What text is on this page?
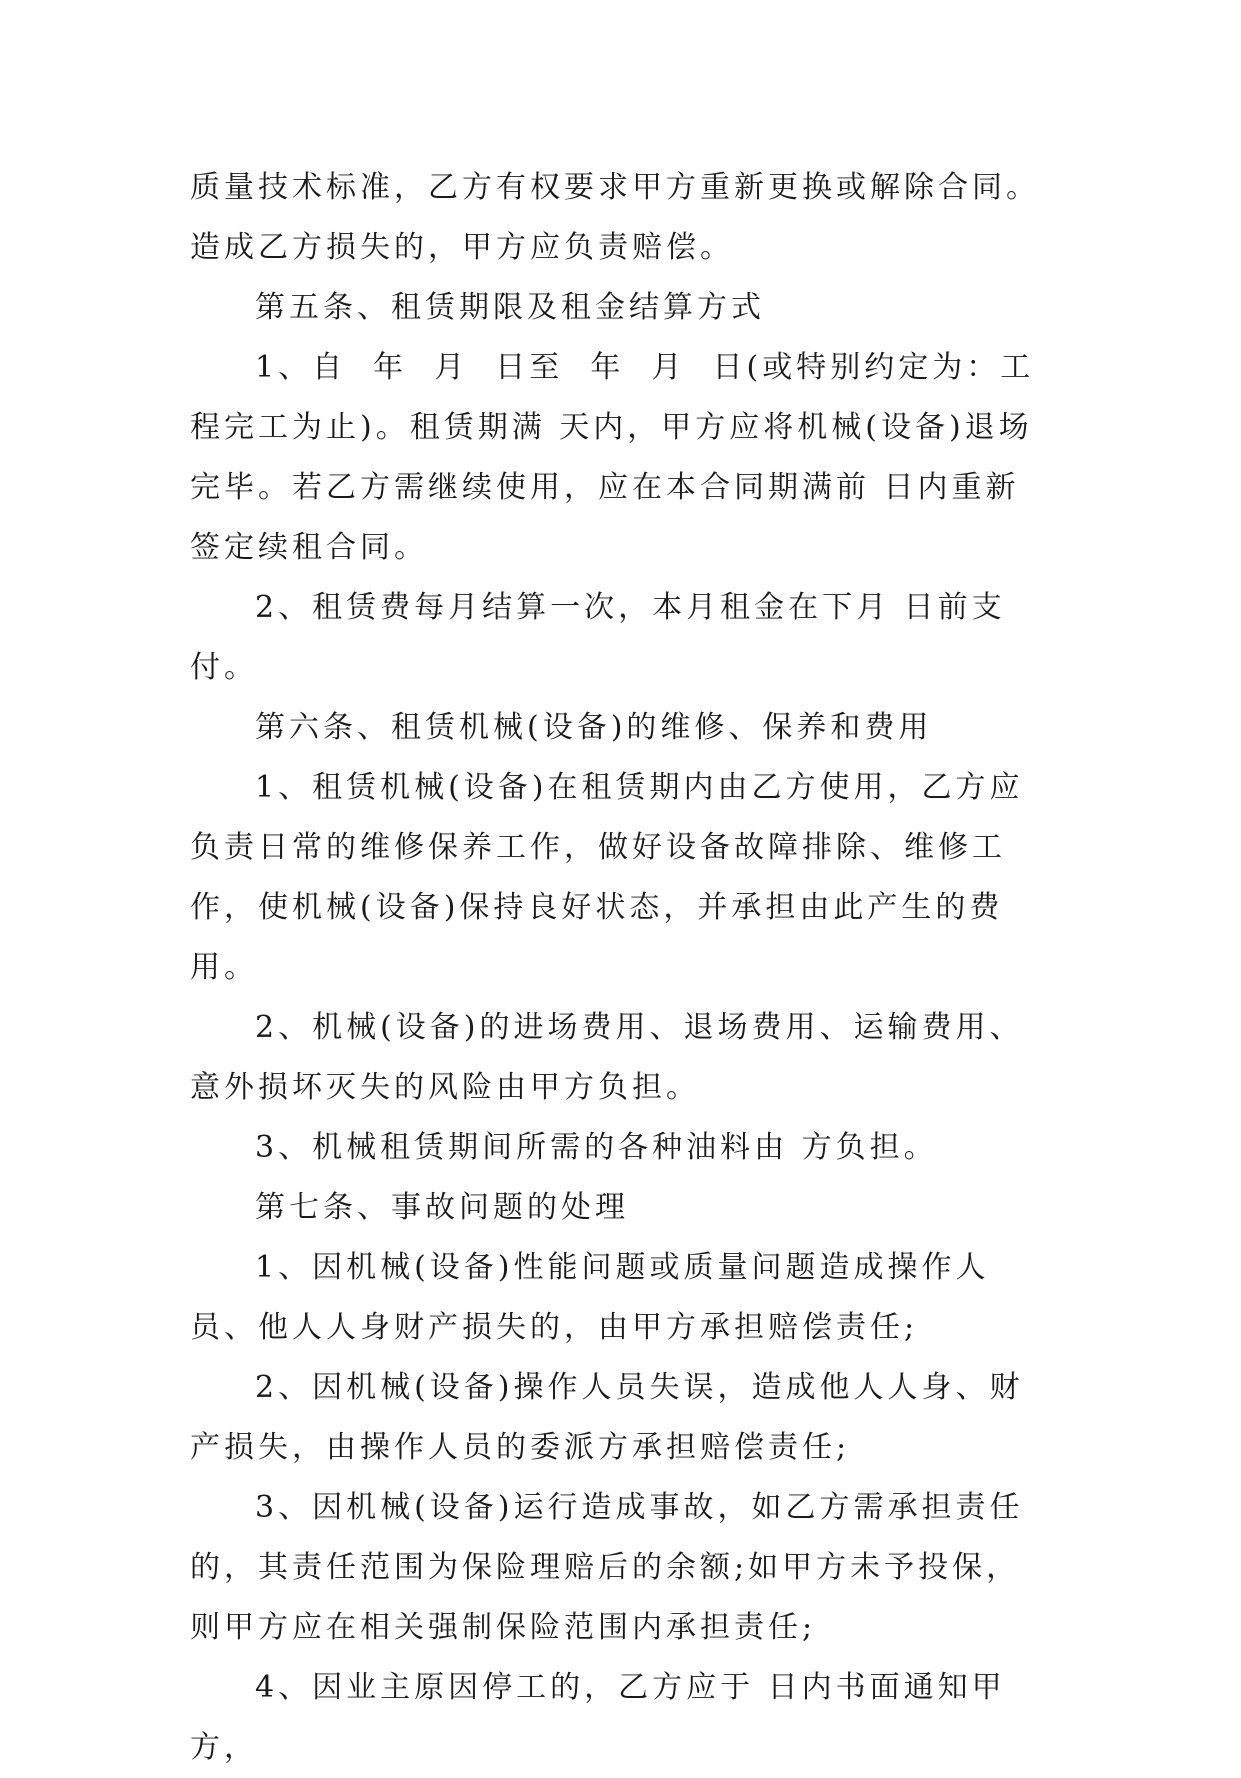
质量技术标准，乙方有权要求甲方重新更换或解除合同。造成乙方损失的，甲方应负责赔偿。

第五条、租赁期限及租金结算方式

1、自  年  月  日至  年  月  日(或特别约定为：工程完工为止)。租赁期满 天内，甲方应将机械(设备)退场完毕。若乙方需继续使用，应在本合同期满前 日内重新签定续租合同。

2、租赁费每月结算一次，本月租金在下月 日前支付。

第六条、租赁机械(设备)的维修、保养和费用

1、租赁机械(设备)在租赁期内由乙方使用，乙方应负责日常的维修保养工作，做好设备故障排除、维修工作，使机械(设备)保持良好状态，并承担由此产生的费用。

2、机械(设备)的进场费用、退场费用、运输费用、意外损坏灭失的风险由甲方负担。

3、机械租赁期间所需的各种油料由 方负担。

第七条、事故问题的处理

1、因机械(设备)性能问题或质量问题造成操作人员、他人人身财产损失的，由甲方承担赔偿责任;

2、因机械(设备)操作人员失误，造成他人人身、财产损失，由操作人员的委派方承担赔偿责任;

3、因机械(设备)运行造成事故，如乙方需承担责任的，其责任范围为保险理赔后的余额;如甲方未予投保，则甲方应在相关强制保险范围内承担责任;

4、因业主原因停工的，乙方应于 日内书面通知甲方，
